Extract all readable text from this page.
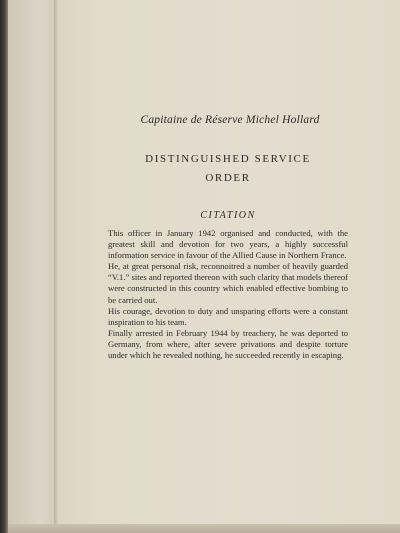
Capitaine de Réserve Michel Hollard
DISTINGUISHED SERVICE
ORDER
CITATION

This officer in January 1942 organised and conducted, with the greatest skill and devotion for two years, a highly successful information service in favour of the Allied Cause in Northern France.

He, at great personal risk, reconnoitred a number of heavily guarded “V.1.” sites and reported thereon with such clarity that models thereof were constructed in this country which enabled effective bombing to be carried out.

His courage, devotion to duty and unsparing efforts were a constant inspiration to his team.

Finally arrested in February 1944 by treachery, he was deported to Germany, from where, after severe privations and despite torture under which he revealed nothing, he succeeded recently in escaping.
